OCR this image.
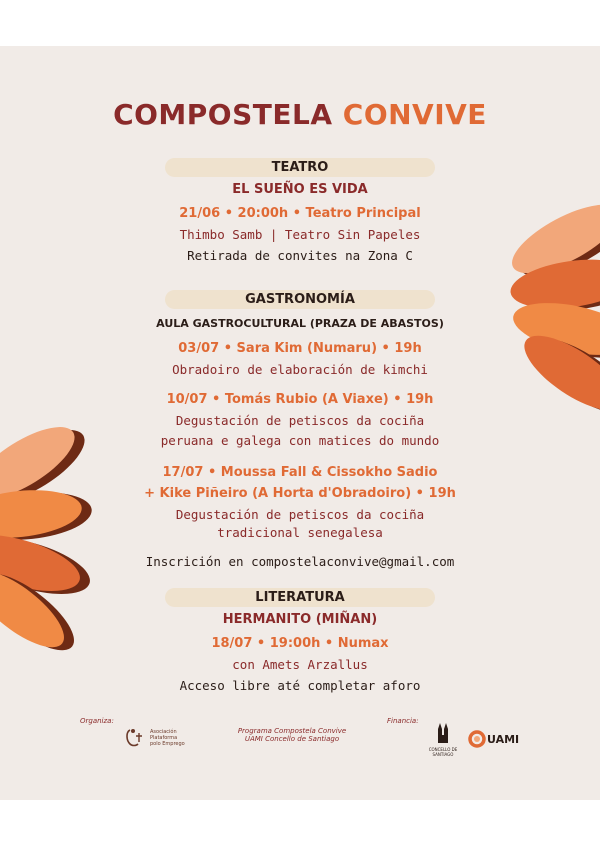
COMPOSTELA CONVIVE
TEATRO
EL SUEÑO ES VIDA
21/06 • 20:00h • Teatro Principal
Thimbo Samb | Teatro Sin Papeles
Retirada de convites na Zona C
GASTRONOMÍA
AULA GASTROCULTURAL (PRAZA DE ABASTOS)
03/07 • Sara Kim (Numaru) • 19h
Obradoiro de elaboración de kimchi
10/07 • Tomás Rubio (A Viaxe) • 19h
Degustación de petiscos da cociña
peruana e galega con matices do mundo
17/07 • Moussa Fall & Cissokho Sadio
+ Kike Piñeiro (A Horta d'Obradoiro) • 19h
Degustación de petiscos da cociña
tradicional senegalesa
Inscrición en compostelaconvive@gmail.com
LITERATURA
HERMANITO (MIÑAN)
18/07 • 19:00h • Numax
con Amets Arzallus
Acceso libre até completar aforo
Organiza:
Asociación
Plataforma
polo Emprego
Programa Compostela Convive
UAMI Concello de Santiago
Financia:
CONCELLO DE
SANTIAGO
UAMI
